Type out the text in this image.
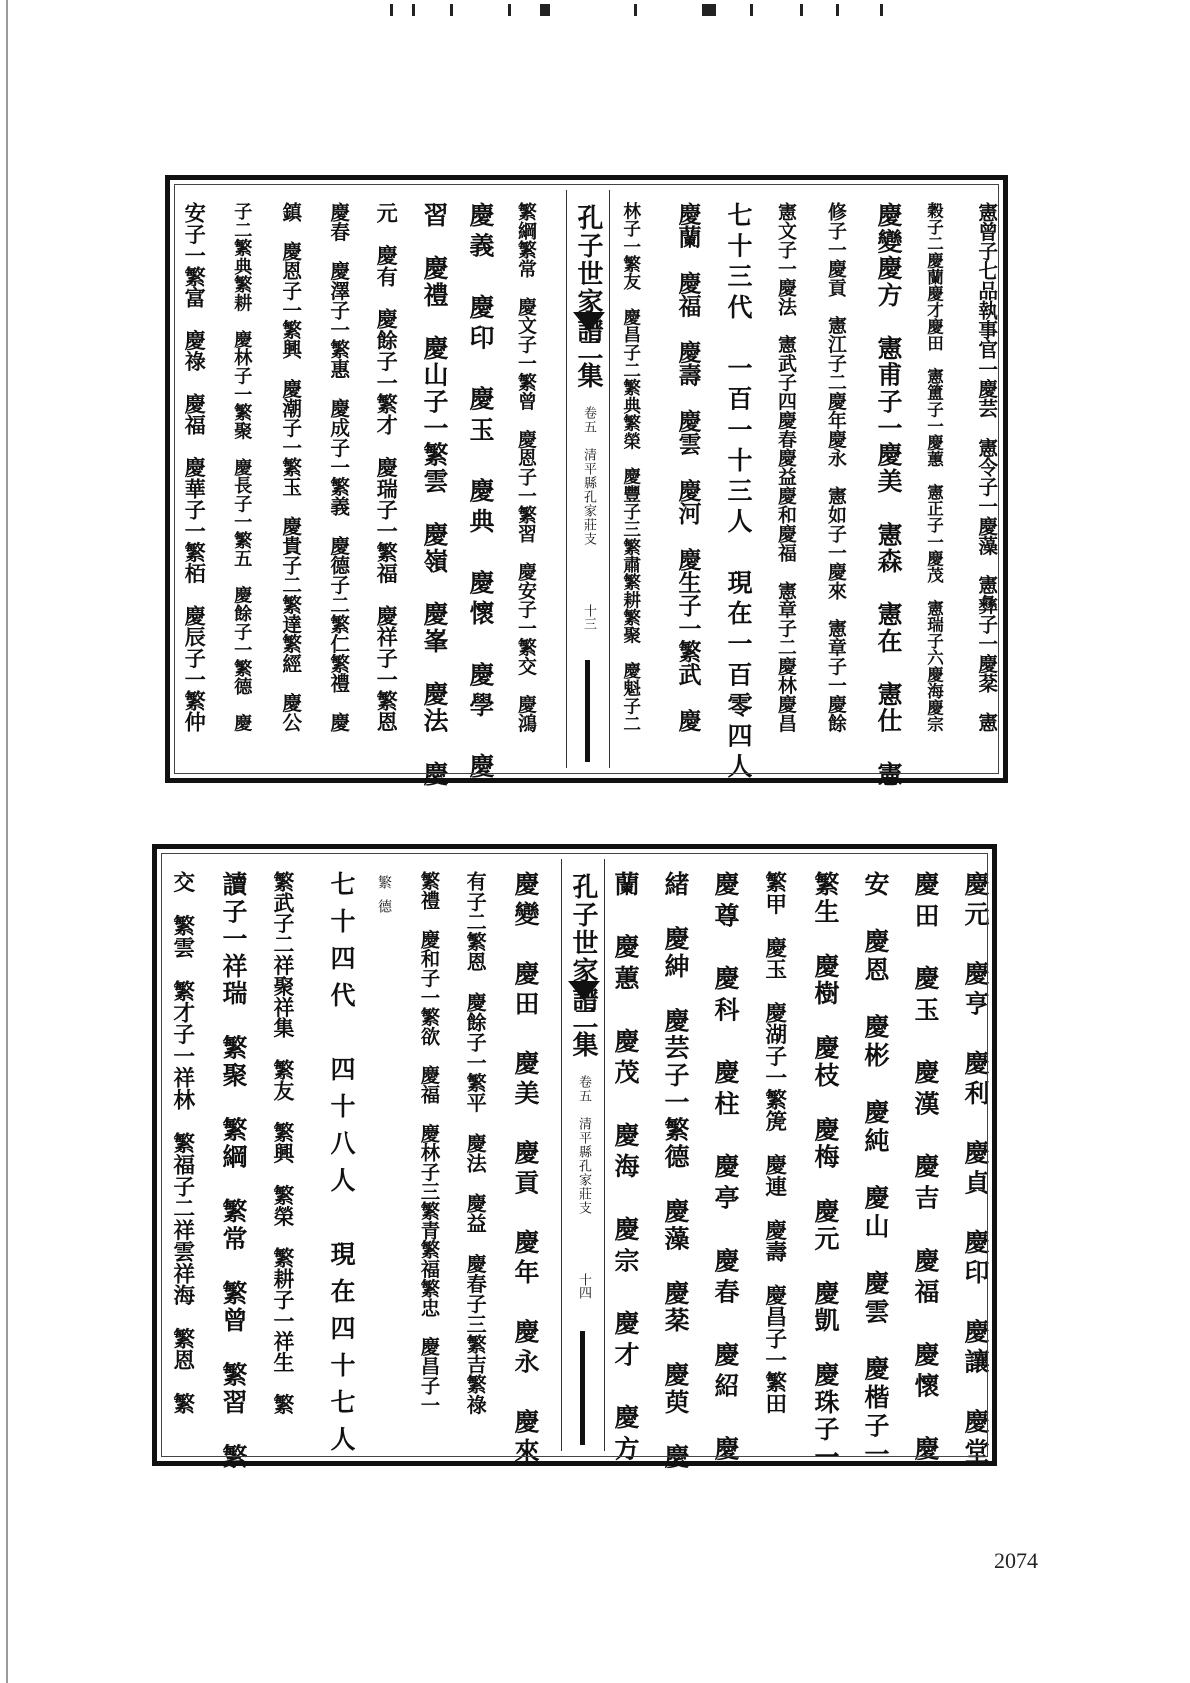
憲曾子七品執事官一慶芸　憲令子一慶藻　憲彝子一慶棻　憲
穀子二慶蘭慶才慶田　憲簠子一慶蕙　憲正子一慶茂　憲瑞子六慶海慶宗
慶變慶方　憲甫子一慶美　憲森　憲在　憲仕　憲
修子一慶貢　憲江子二慶年慶永　憲如子一慶來　憲章子一慶餘
憲文子一慶法　憲武子四慶春慶益慶和慶福　憲章子二慶林慶昌
七十三代　一百一十三人　現在一百零四人
慶蘭　慶福　慶壽　慶雲　慶河　慶生子一繁武　慶
林子一繁友　慶昌子二繁典繁榮　慶豐子三繁肅繁耕繁聚　慶魁子二
孔子世家譜
二集
卷五　清平縣孔家莊支
十三
繁綱繁常　慶文子一繁曾　慶恩子一繁習　慶安子一繁交　慶鴻
慶義　慶印　慶玉　慶典　慶懷　慶學　慶
習　慶禮　慶山子一繁雲　慶嶺　慶峯　慶法　慶
元　慶有　慶餘子一繁才　慶瑞子一繁福　慶祥子一繁恩
慶春　慶澤子一繁惠　慶成子一繁義　慶德子二繁仁繁禮　慶
鎮　慶恩子一繁興　慶潮子一繁玉　慶貴子二繁達繁經　慶公
子二繁典繁耕　慶林子一繁聚　慶長子一繁五　慶餘子一繁德　慶
安子一繁富　慶祿　慶福　慶華子一繁栢　慶辰子一繁仲
慶元　慶亨　慶利　慶貞　慶印　慶讓　慶堂
慶田　慶玉　慶漢　慶吉　慶福　慶懷　慶
安　慶恩　慶彬　慶純　慶山　慶雲　慶楷子一
繁生　慶樹　慶枝　慶梅　慶元　慶凱　慶珠子一
繁甲　慶玉　慶湖子一繁箎　慶連　慶壽　慶昌子一繁田
慶尊　慶科　慶柱　慶亭　慶春　慶紹　慶
緒　慶紳　慶芸子一繁德　慶藻　慶棻　慶萸　慶
蘭　慶蕙　慶茂　慶海　慶宗　慶才　慶方
孔子世家譜
二集
卷五　清平縣孔家莊支
十四
慶變　慶田　慶美　慶貢　慶年　慶永　慶來
有子二繁恩　慶餘子一繁平　慶法　慶益　慶春子三繁吉繁祿
繁禮　慶和子一繁欲　慶福　慶林子三繁青繁福繁忠　慶昌子一
繁德
七十四代　四十八人　現在四十七人
繁武子二祥聚祥集　繁友　繁興　繁榮　繁耕子一祥生　繁
讀子一祥瑞　繁聚　繁綱　繁常　繁曾　繁習　繁
交　繁雲　繁才子一祥林　繁福子二祥雲祥海　繁恩　繁
2074
